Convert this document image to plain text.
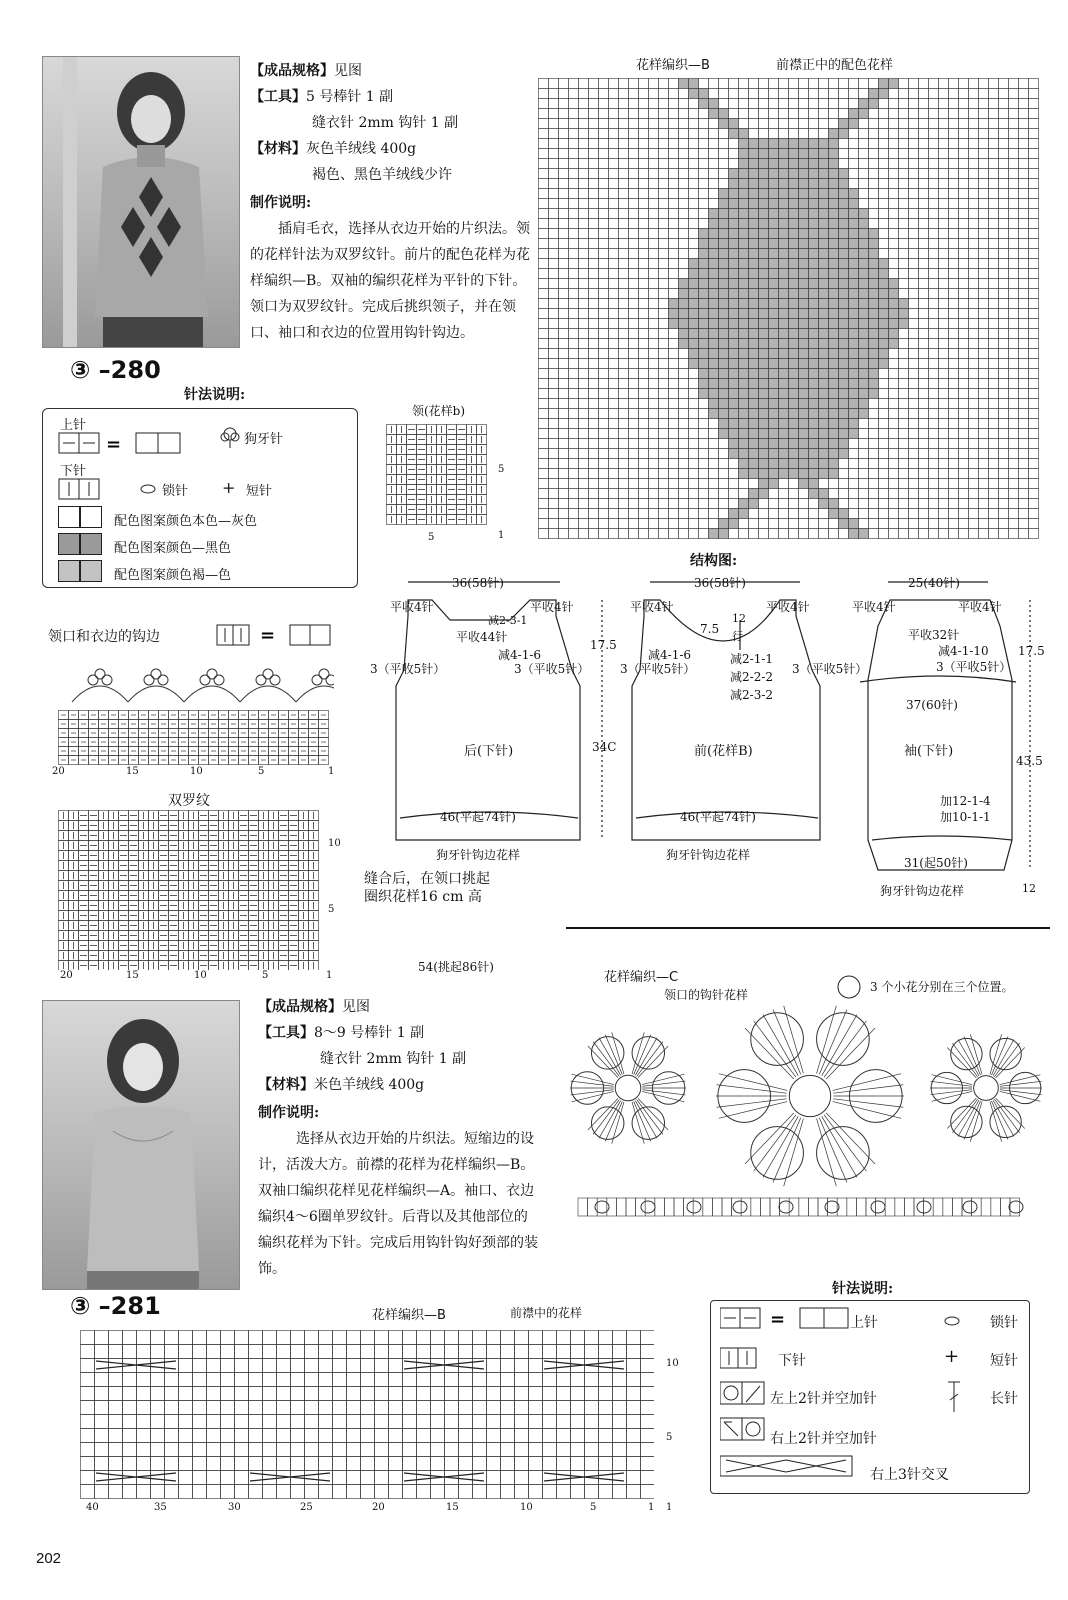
【成品规格】见图
【工具】5 号棒针 1 副
缝衣针 2mm 钩针 1 副
【材料】灰色羊绒线 400g
褐色、黑色羊绒线少许
制作说明:
插肩毛衣，选择从衣边开始的片织法。领的花样针法为双罗纹针。前片的配色花样为花样编织—B。双袖的编织花样为平针的下针。领口为双罗纹针。完成后挑织领子，并在领口、袖口和衣边的位置用钩针钩边。
③ –280
针法说明:
上针
=	狗牙针
下针
锁针 + 短针
配色图案颜色本色—灰色
配色图案颜色—黑色
配色图案颜色褐—色
领(花样b)
5
1
5
花样编织—B	前襟正中的配色花样
领口和衣边的钩边	=
20	15	10	5	1
双罗纹
20	15	10	5	1
10
5
结构图:
36(58针)
平收4针	平收4针
减2-3-1
平收44针
减4-1-6
3（平收5针）	3（平收5针）
17.5
后(下针)	34C
46(平起74针)
狗牙针钩边花样
36(58针)
平收4针	平收4针
12
7.5
行
减4-1-6
3（平收5针）
减2-1-1
减2-2-2
减2-3-2
3（平收5针）
前(花样B)
46(平起74针)
狗牙针钩边花样
25(40针)
平收4针	平收4针
平收32针
减4-1-10 17.5
3（平收5针）
37(60针)
袖(下针)
43.5
加12-1-4
加10-1-1
31(起50针)
狗牙针钩边花样	12
缝合后，在领口挑起
圈织花样16 cm 高
54(挑起86针)
【成品规格】见图
【工具】8～9 号棒针 1 副
缝衣针 2mm 钩针 1 副
【材料】米色羊绒线 400g
制作说明:
选择从衣边开始的片织法。短缩边的设计，活泼大方。前襟的花样为花样编织—B。双袖口编织花样见花样编织—A。袖口、衣边编织4～6圈单罗纹针。后背以及其他部位的编织花样为下针。完成后用钩针钩好颈部的装饰。
③ –281
花样编织—C
领口的钩针花样
3 个小花分别在三个位置。
花样编织—B	前襟中的花样
40	35	30	25	20	15	10	5	1
10
5
1
针法说明:
=	上针
下针
左上2针并空加针
右上2针并空加针
右上3针交叉
锁针
+ 短针
长针
202
